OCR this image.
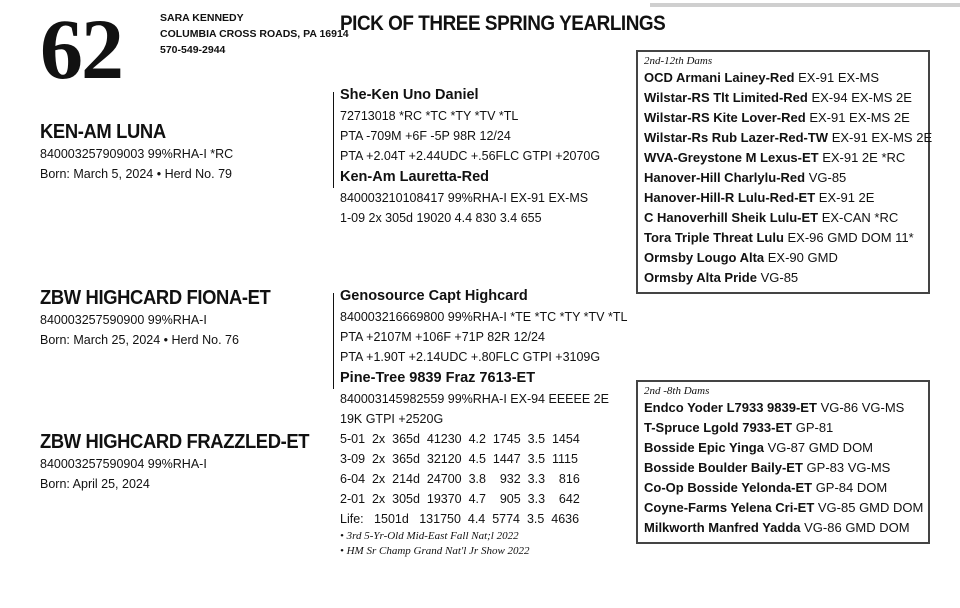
62	SARA KENNEDY
COLUMBIA CROSS ROADS, PA 16914
570-549-2944
PICK OF THREE SPRING YEARLINGS
KEN-AM LUNA
840003257909003 99%RHA-I *RC
Born: March 5, 2024 • Herd No. 79
ZBW HIGHCARD FIONA-ET
840003257590900 99%RHA-I
Born: March 25, 2024 • Herd No. 76
ZBW HIGHCARD FRAZZLED-ET
840003257590904 99%RHA-I
Born: April 25, 2024
She-Ken Uno Daniel
72713018 *RC *TC *TY *TV *TL
PTA -709M +6F -5P 98R 12/24
PTA +2.04T +2.44UDC +.56FLC GTPI +2070G
Ken-Am Lauretta-Red
840003210108417 99%RHA-I EX-91 EX-MS
1-09 2x 305d 19020 4.4 830 3.4 655
Genosource Capt Highcard
840003216669800 99%RHA-I *TE *TC *TY *TV *TL
PTA +2107M +106F +71P 82R 12/24
PTA +1.90T +2.14UDC +.80FLC GTPI +3109G
Pine-Tree 9839 Fraz 7613-ET
840003145982559 99%RHA-I EX-94 EEEEE 2E
19K GTPI +2520G
5-01  2x  365d  41230  4.2  1745  3.5  1454
3-09  2x  365d  32120  4.5  1447  3.5  1115
6-04  2x  214d  24700  3.8    932  3.3    816
2-01  2x  305d  19370  4.7    905  3.3    642
Life:   1501d   131750  4.4  5774  3.5  4636
• 3rd 5-Yr-Old Mid-East Fall Nat;l 2022
• HM Sr Champ Grand Nat'l Jr Show 2022
2nd-12th Dams
OCD Armani Lainey-Red EX-91 EX-MS
Wilstar-RS Tlt Limited-Red EX-94 EX-MS 2E
Wilstar-RS Kite Lover-Red EX-91 EX-MS 2E
Wilstar-Rs Rub Lazer-Red-TW EX-91 EX-MS 2E
WVA-Greystone M Lexus-ET EX-91 2E *RC
Hanover-Hill Charlylu-Red VG-85
Hanover-Hill-R Lulu-Red-ET EX-91 2E
C Hanoverhill Sheik Lulu-ET EX-CAN *RC
Tora Triple Threat Lulu EX-96 GMD DOM 11*
Ormsby Lougo Alta EX-90 GMD
Ormsby Alta Pride VG-85
2nd -8th Dams
Endco Yoder L7933 9839-ET VG-86 VG-MS
T-Spruce Lgold 7933-ET GP-81
Bosside Epic Yinga VG-87 GMD DOM
Bosside Boulder Baily-ET GP-83 VG-MS
Co-Op Bosside Yelonda-ET GP-84 DOM
Coyne-Farms Yelena Cri-ET VG-85 GMD DOM
Milkworth Manfred Yadda VG-86 GMD DOM
